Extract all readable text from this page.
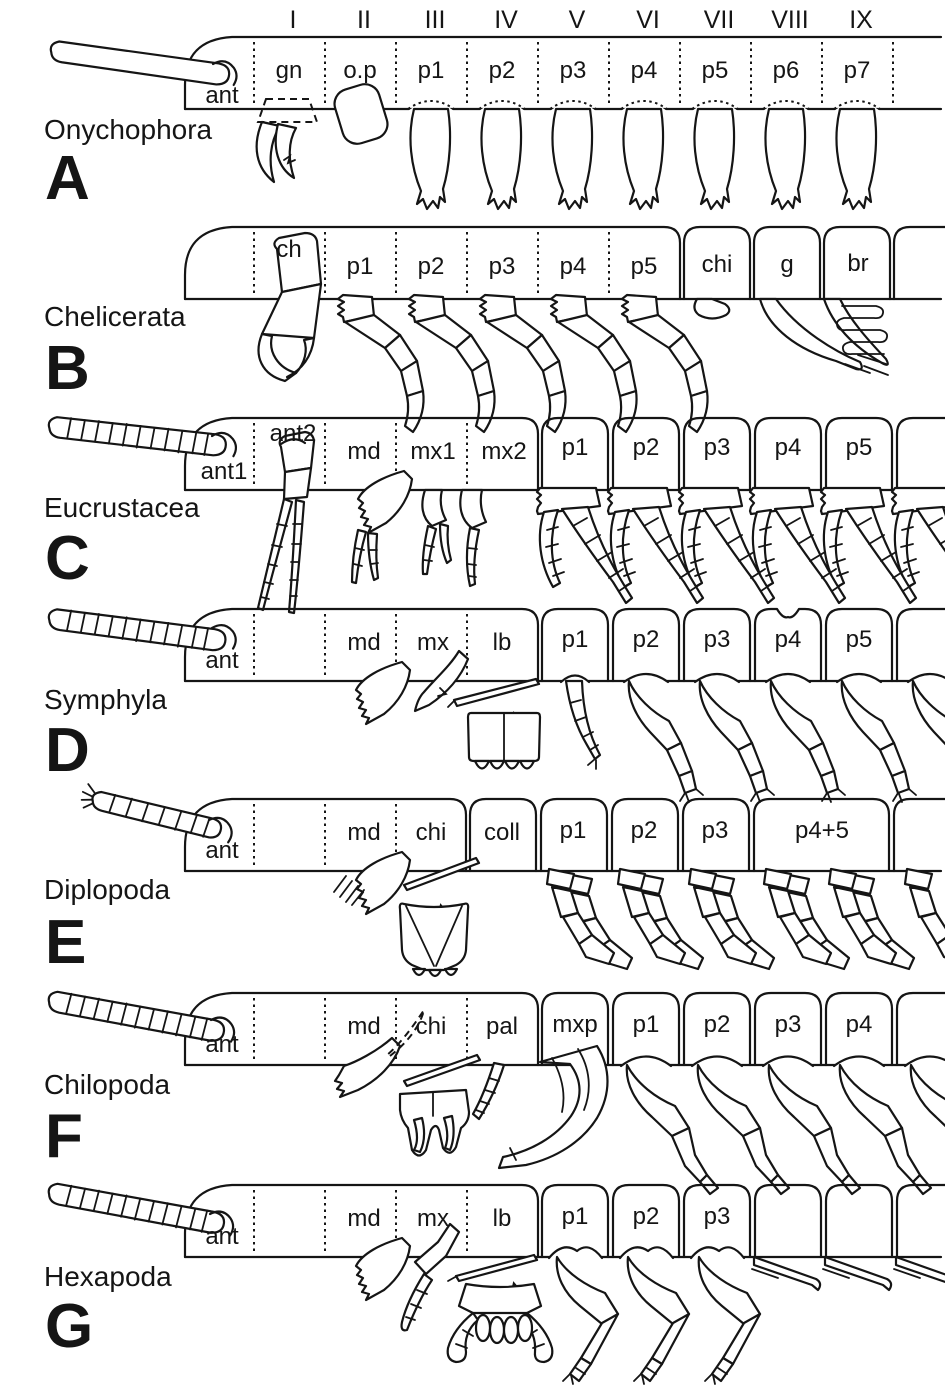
I	II	III	IV	V	VI	VII VIII	IX
ant
gn	o.p	p1	p2	p3	p4	p5	p6	p7
Onychophora
A
ch
p1	p2	p3	p4	p5	chi	g	br
Chelicerata
B
ant1
ant2
md	mx1	mx2	p1	p2	p3	p4	p5
Eucrustacea
C
ant
md	mx	lb	p1	p2	p3	p4	p5
Symphyla
D
ant
md	chi	coll	p1	p2	p3	p4+5
Diplopoda
E
ant
md	chi	pal	mxp	p1	p2	p3	p4
Chilopoda
F
ant
md	mx	lb	p1	p2	p3
Hexapoda
G
